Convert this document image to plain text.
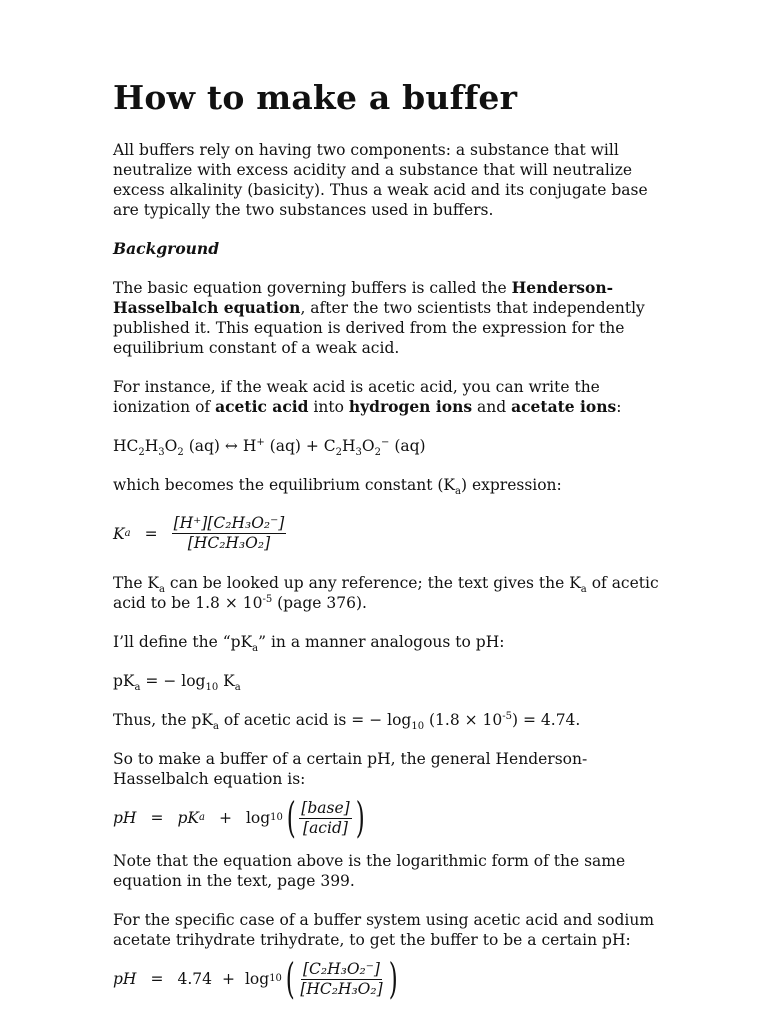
How to make a buffer

All buffers rely on having two components: a substance that will neutralize with excess acidity and a substance that will neutralize excess alkalinity (basicity). Thus a weak acid and its conjugate base are typically the two substances used in buffers.

Background

The basic equation governing buffers is called the Henderson-Hasselbalch equation, after the two scientists that independently published it. This equation is derived from the expression for the equilibrium constant of a weak acid.

For instance, if the weak acid is acetic acid, you can write the ionization of acetic acid into hydrogen ions and acetate ions:

$HC_2H_3O_2$ (aq) ↔ H+ $(aq) + C_2H_3O_2^-$ (aq)

which becomes the equilibrium constant $(K_a)$ expression:

K $a = \frac{\text{[H⁺][C₂H₃O₂⁻]}}{\text{[HC₂H₃O₂]}}$

The $K_a$ can be looked up any reference; the text gives the $K_a$ of acetic acid to be $1.8 \times 10^{-5}$ (page 376).

I’ll define the “$pK_a$” in a manner analogous to pH:

$pK_a$ = − $\log_{10} K_a$

Thus, the $pK_a$ of acetic acid is = − $\log_{10} (1.8 \times 10^{-5}) = 4.74$.

So to make a buffer of a certain pH, the general Henderson-Hasselbalch equation is:

pH = pK a + log 10 ( $\frac{\text{[base]}}{\text{[acid]}}$ )

Note that the equation above is the logarithmic form of the same equation in the text, page 399.

For the specific case of a buffer system using acetic acid and sodium acetate trihydrate trihydrate, to get the buffer to be a certain pH:

pH = 4.74 + log 10 ( $\frac{\text{[C₂H₃O₂⁻]}}{\text{[HC₂H₃O₂]}}$ )
